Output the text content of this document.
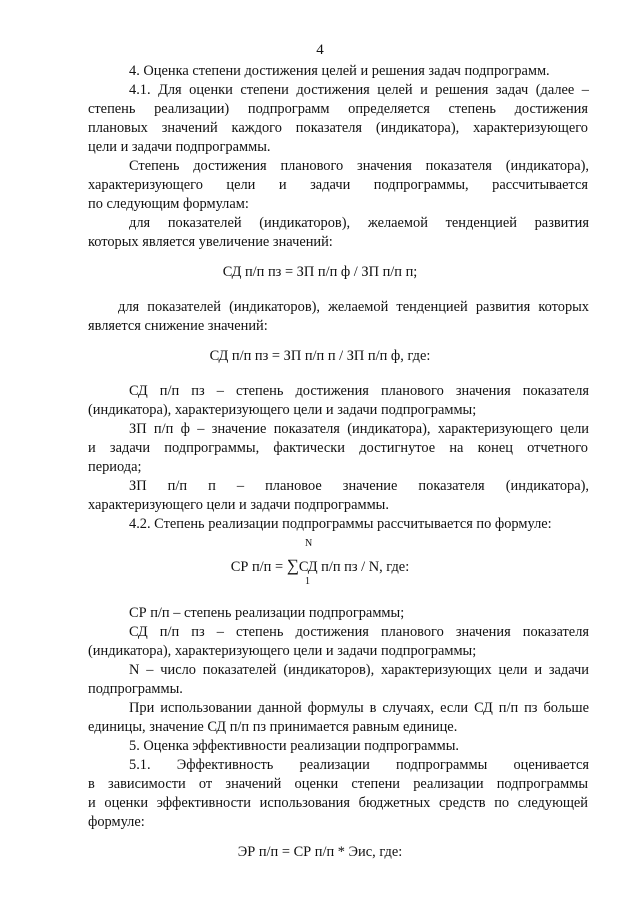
4
4. Оценка степени достижения целей и решения задач подпрограмм.
4.1. Для оценки степени достижения целей и решения задач (далее –
степень реализации) подпрограмм определяется степень достижения
плановых значений каждого показателя (индикатора), характеризующего
цели и задачи подпрограммы.
Степень достижения планового значения показателя (индикатора),
характеризующего цели и задачи подпрограммы, рассчитывается
по следующим формулам:
для показателей (индикаторов), желаемой тенденцией развития
которых является увеличение значений:
СД п/п пз = ЗП п/п ф / ЗП п/п п;
для показателей (индикаторов), желаемой тенденцией развития которых
является снижение значений:
СД п/п пз = ЗП п/п п / ЗП п/п ф, где:
СД п/п пз – степень достижения планового значения показателя
(индикатора), характеризующего цели и задачи подпрограммы;
ЗП п/п ф – значение показателя (индикатора), характеризующего цели
и задачи подпрограммы, фактически достигнутое на конец отчетного
периода;
ЗП п/п п – плановое значение показателя (индикатора),
характеризующего цели и задачи подпрограммы.
4.2. Степень реализации подпрограммы рассчитывается по формуле:
N
СР п/п = ∑СД п/п пз / N, где:
1
СР п/п – степень реализации подпрограммы;
СД п/п пз – степень достижения планового значения показателя
(индикатора), характеризующего цели и задачи подпрограммы;
N – число показателей (индикаторов), характеризующих цели и задачи
подпрограммы.
При использовании данной формулы в случаях, если СД п/п пз больше
единицы, значение СД п/п пз принимается равным единице.
5. Оценка эффективности реализации подпрограммы.
5.1. Эффективность реализации подпрограммы оценивается
в зависимости от значений оценки степени реализации подпрограммы
и оценки эффективности использования бюджетных средств по следующей
формуле:
ЭР п/п = СР п/п * Эис, где:
